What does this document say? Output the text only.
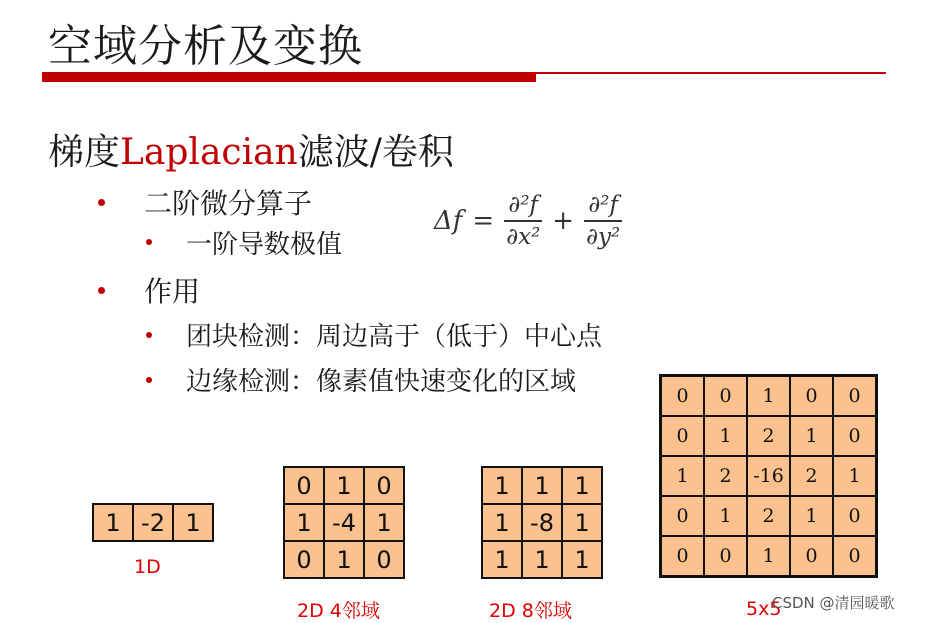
空域分析及变换
梯度Laplacian滤波/卷积
二阶微分算子
一阶导数极值
作用
团块检测：周边高于（低于）中心点
边缘检测：像素值快速变化的区域
$\Delta f = \frac{\text{∂²f}}{\text{∂x²}} + \frac{\text{∂²f}}{\text{∂y²}}$
1	-2	1
1D
0	1	0
1	-4	1
0	1	0
2D 4邻域
1	1	1
1	-8	1
1	1	1
2D 8邻域
0	0	1	0	0
0	1	2	1	0
1	2	-16	2	1
0	1	2	1	0
0	0	1	0	0
5x5
CSDN @清园暖歌
